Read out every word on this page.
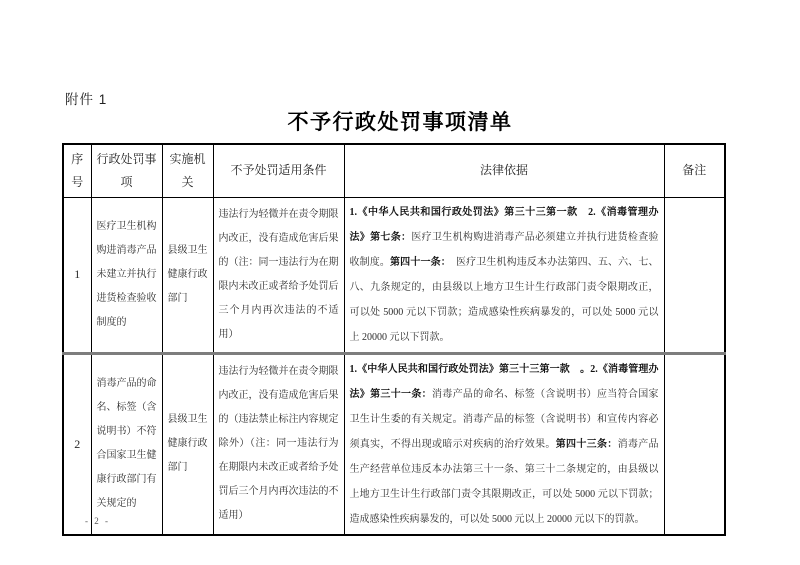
附件 1
不予行政处罚事项清单
序号	行政处罚事项	实施机关	不予处罚适用条件	法律依据	备注
1	医疗卫生机构购进消毒产品未建立并执行进货检查验收制度的	县级卫生健康行政部门	违法行为轻微并在责令期限内改正，没有造成危害后果的（注：同一违法行为在期限内未改正或者给予处罚后三个月内再次违法的不适用）	1.《中华人民共和国行政处罚法》第三十三第一款　2.《消毒管理办法》第七条：医疗卫生机构购进消毒产品必须建立并执行进货检查验收制度。第四十一条：　医疗卫生机构违反本办法第四、五、六、七、八、九条规定的，由县级以上地方卫生计生行政部门责令限期改正，可以处 5000 元以下罚款；造成感染性疾病暴发的，可以处 5000 元以上 20000 元以下罚款。	
2	消毒产品的命名、标签（含说明书）不符合国家卫生健康行政部门有关规定的	县级卫生健康行政部门	违法行为轻微并在责令期限内改正，没有造成危害后果的（违法禁止标注内容规定除外）（注：同一违法行为在期限内未改正或者给予处罚后三个月内再次违法的不适用）	1.《中华人民共和国行政处罚法》第三十三第一款　。2.《消毒管理办法》第三十一条：消毒产品的命名、标签（含说明书）应当符合国家卫生计生委的有关规定。消毒产品的标签（含说明书）和宣传内容必须真实，不得出现或暗示对疾病的治疗效果。第四十三条：消毒产品生产经营单位违反本办法第三十一条、第三十二条规定的，由县级以上地方卫生计生行政部门责令其限期改正，可以处 5000 元以下罚款；造成感染性疾病暴发的，可以处 5000 元以上 20000 元以下的罚款。	
- 2 -
